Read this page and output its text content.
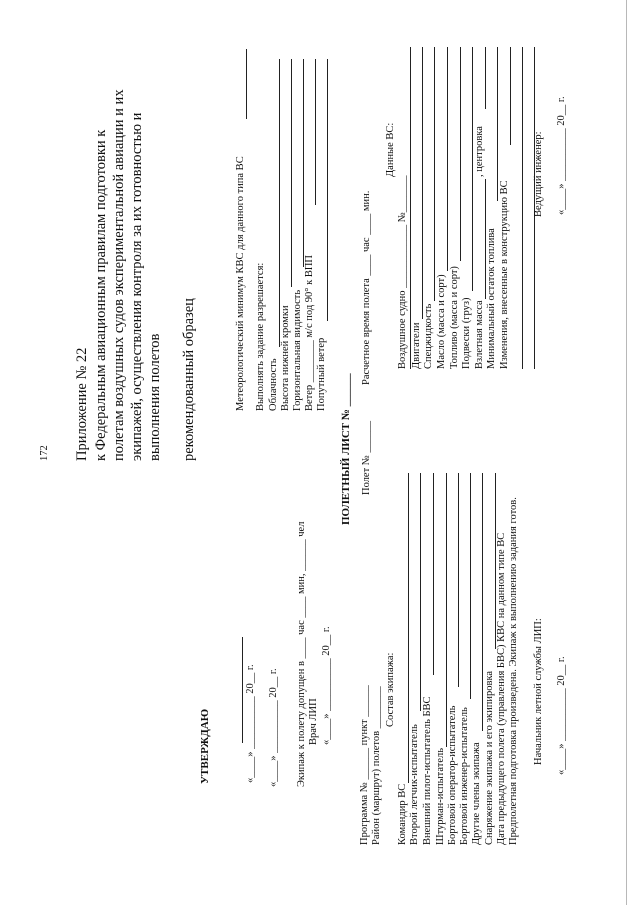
172 Приложение № 22 к Федеральным авиационным правилам подготовки к полетам воздушных судов экспериментальной авиации и их экипажей, осуществления контроля за их готовностью и выполнения полетов рекомендованный образец
УТВЕРЖДАЮ	«____» __________ 20__ г. «____» __________ 20__ г. Экипаж к полету допущен в ____ час ____ мин, ______ чел Врач ЛИП «____» __________ 20__ г.
Метеорологический минимум КВС для данного типа ВС Выполнять задание разрешается: Облачность Высота нижней кромки Горизонтальная видимость Ветер ________ м/с под 90° к ВПП Попутный ветер ПОЛЕТНЫЙ ЛИСТ № ______
Программа № ______ пункт ______ Район (маршрут) полетов ________
Полет № ______
Расчетное время полета ____ час ____ мин.
Состав экипажа:
Данные ВС:
Командир ВС Второй летчик-испытатель Внешний пилот-испытатель БВС Штурман-испытатель Бортовой оператор-испытатель Бортовой инженер-испытатель Другие члены экипажа Снаряжение экипажа и его экипировка Дата предыдущего полета (управления БВС) КВС на данном типе ВС Предполетная подготовка произведена. Экипаж к выполнению задания готов.
Воздушное судно ____________ №_______ Двигатели Спецжидкость Масло (масса и сорт) Топливо (масса и сорт) Подвески (груз) Взлетная масса
, центровка
Минимальный остаток топлива Изменения, внесенные в конструкцию ВС
Начальник летной службы ЛИП: «____» __________ 20__ г.
Ведущий инженер: «____» __________ 20__ г.
